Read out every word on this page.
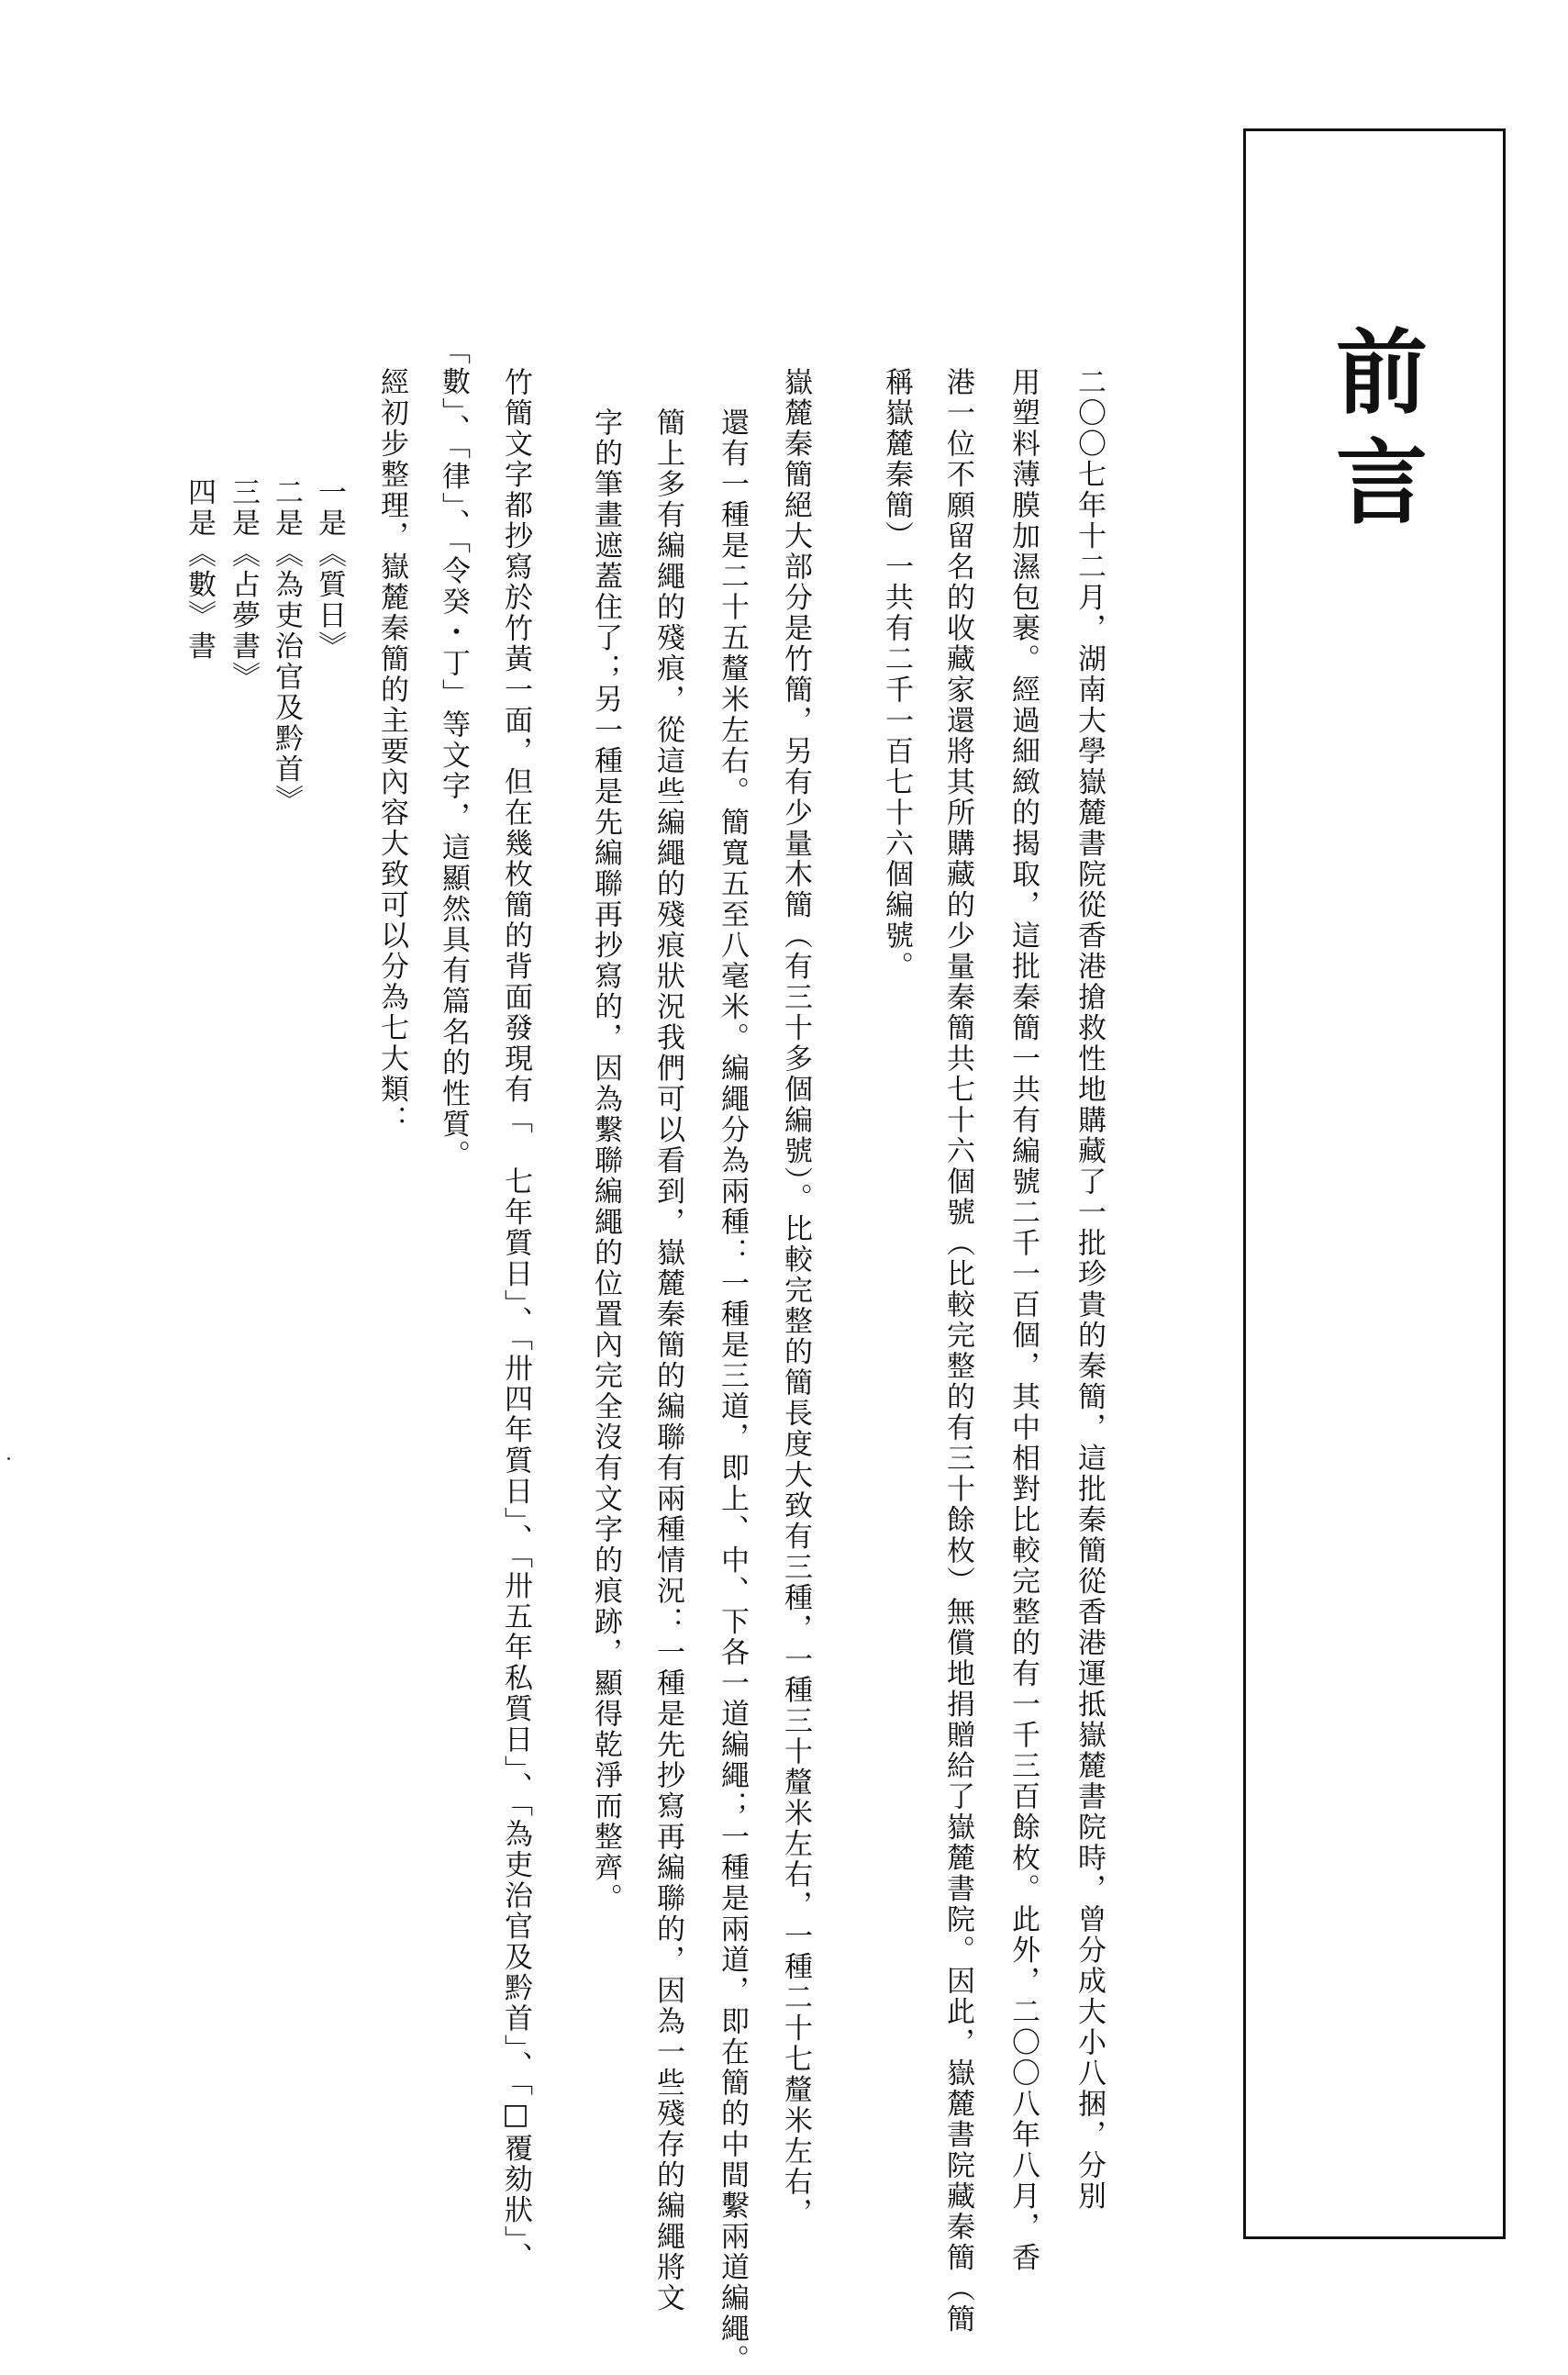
前言
二〇〇七年十二月，湖南大學嶽麓書院從香港搶救性地購藏了一批珍貴的秦簡，這批秦簡從香港運抵嶽麓書院時，曾分成大小八捆，分別
用塑料薄膜加濕包裹。經過細緻的揭取，這批秦簡一共有編號二千一百個，其中相對比較完整的有一千三百餘枚。此外，二〇〇八年八月，香
港一位不願留名的收藏家還將其所購藏的少量秦簡共七十六個號（比較完整的有三十餘枚）無償地捐贈給了嶽麓書院。因此，嶽麓書院藏秦簡（簡
稱嶽麓秦簡）一共有二千一百七十六個編號。
嶽麓秦簡絕大部分是竹簡，另有少量木簡（有三十多個編號）。比較完整的簡長度大致有三種，一種三十釐米左右，一種二十七釐米左右，
還有一種是二十五釐米左右。簡寬五至八毫米。編繩分為兩種：一種是三道，即上、中、下各一道編繩；一種是兩道，即在簡的中間繫兩道編繩。
簡上多有編繩的殘痕，從這些編繩的殘痕狀況我們可以看到，嶽麓秦簡的編聯有兩種情況：一種是先抄寫再編聯的，因為一些殘存的編繩將文
字的筆畫遮蓋住了；另一種是先編聯再抄寫的，因為繫聯編繩的位置內完全沒有文字的痕跡，顯得乾淨而整齊。
竹簡文字都抄寫於竹黃一面，但在幾枚簡的背面發現有「　七年質日」、「卅四年質日」、「卅五年私質日」、「為吏治官及黔首」、「□覆劾狀」、
「數」、「律」、「令癸・丁」等文字，這顯然具有篇名的性質。
經初步整理，嶽麓秦簡的主要內容大致可以分為七大類：
一是《質日》
二是《為吏治官及黔首》
三是《占夢書》
四是《數》書
